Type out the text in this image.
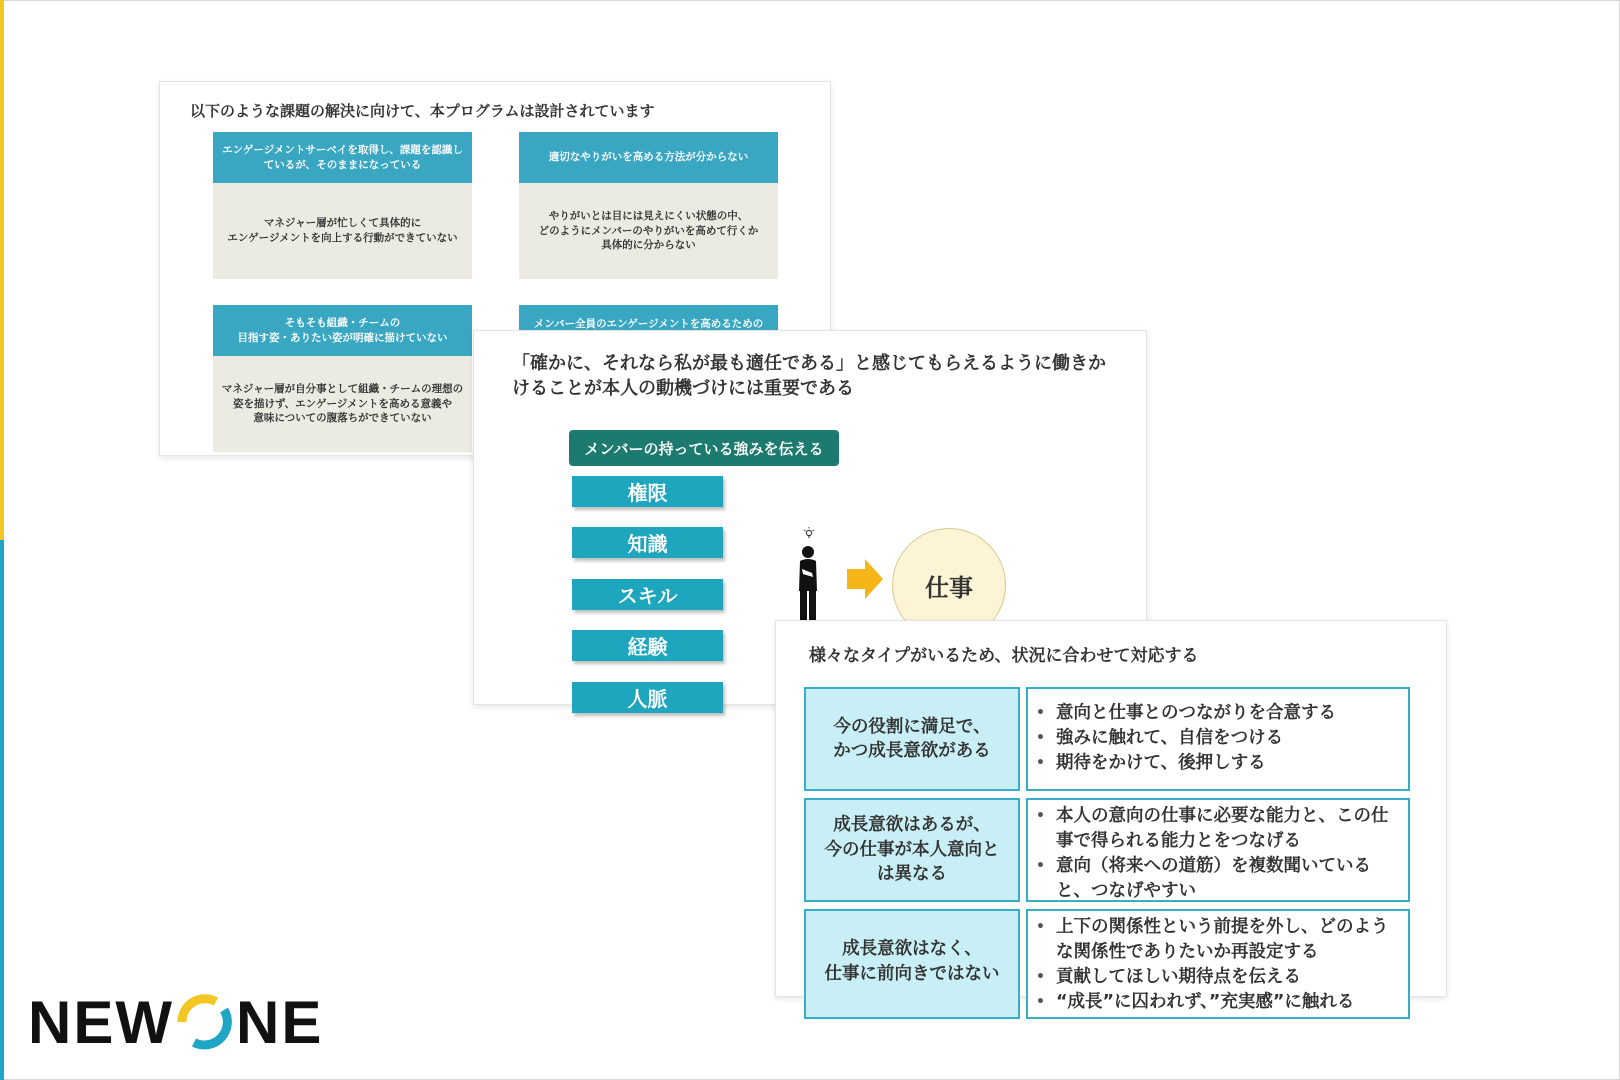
以下のような課題の解決に向けて、本プログラムは設計されています
エンゲージメントサーベイを取得し、課題を認識し
ているが、そのままになっている
マネジャー層が忙しくて具体的に
エンゲージメントを向上する行動ができていない
適切なやりがいを高める方法が分からない
やりがいとは目には見えにくい状態の中、
どのようにメンバーのやりがいを高めて行くか
具体的に分からない
そもそも組織・チームの
目指す姿・ありたい姿が明確に描けていない
マネジャー層が自分事として組織・チームの理想の
姿を描けず、エンゲージメントを高める意義や
意味についての腹落ちができていない
メンバー全員のエンゲージメントを高めるための
「確かに、それなら私が最も適任である」と感じてもらえるように働きかけることが本人の動機づけには重要である
メンバーの持っている強みを伝える
権限
知識
スキル
経験
人脈
仕事
様々なタイプがいるため、状況に合わせて対応する
今の役割に満足で、
かつ成長意欲がある
• 意向と仕事とのつながりを合意する
• 強みに触れて、自信をつける
• 期待をかけて、後押しする
成長意欲はあるが、
今の仕事が本人意向と
は異なる
• 本人の意向の仕事に必要な能力と、この仕事で得られる能力とをつなげる
• 意向（将来への道筋）を複数聞いていると、つなげやすい
成長意欲はなく、
仕事に前向きではない
• 上下の関係性という前提を外し、どのような関係性でありたいか再設定する
• 貢献してほしい期待点を伝える
• “成長”に囚われず、”充実感”に触れる
NEW NE
